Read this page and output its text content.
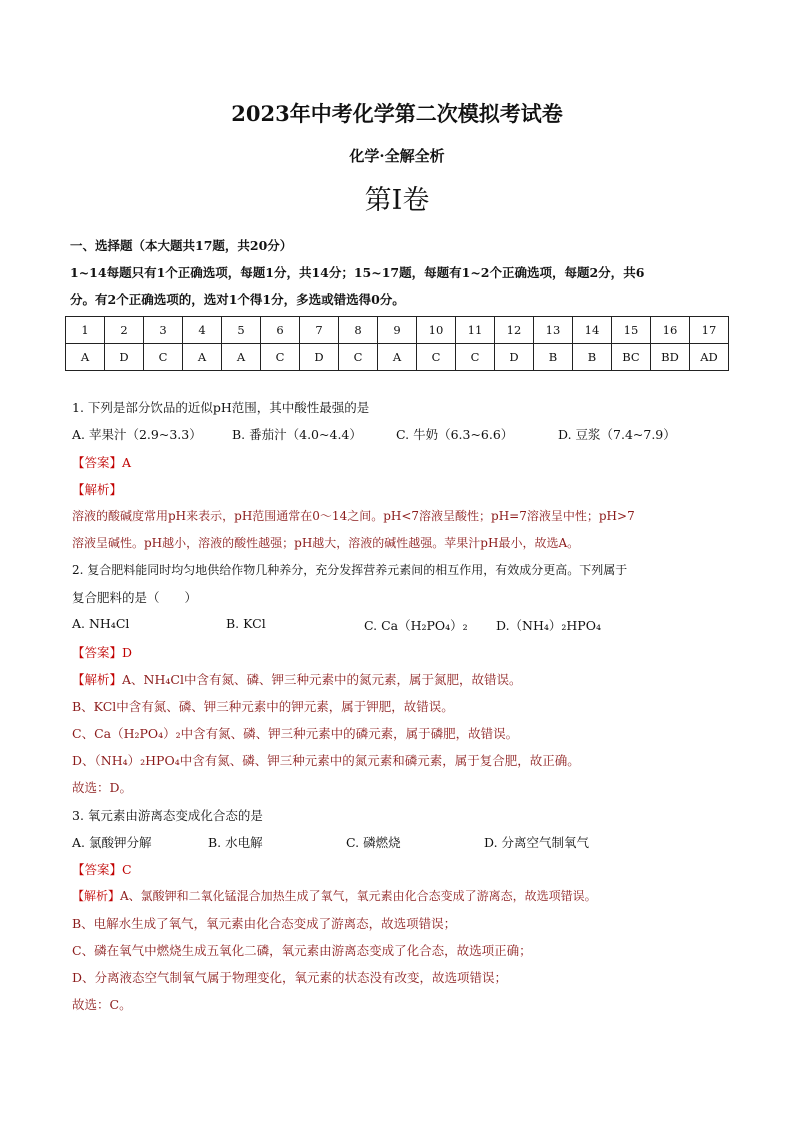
2023年中考化学第二次模拟考试卷
化学·全解全析
第Ⅰ卷
一、选择题（本大题共17题，共20分）
1~14每题只有1个正确选项，每题1分，共14分；15~17题，每题有1~2个正确选项，每题2分，共6
分。有2个正确选项的，选对1个得1分，多选或错选得0分。
1	2	3	4	5	6	7	8	9	10	11	12	13	14	15	16	17
A	D	C	A	A	C	D	C	A	C	C	D	B	B	BC	BD	AD
1. 下列是部分饮品的近似pH范围，其中酸性最强的是
A. 苹果汁（2.9~3.3） B. 番茄汁（4.0~4.4）	C. 牛奶（6.3~6.6）	D. 豆浆（7.4~7.9）
【答案】A
【解析】
溶液的酸碱度常用pH来表示，pH范围通常在0～14之间。pH<7溶液呈酸性；pH=7溶液呈中性；pH>7
溶液呈碱性。pH越小，溶液的酸性越强；pH越大，溶液的碱性越强。苹果汁pH最小，故选A。
2. 复合肥料能同时均匀地供给作物几种养分，充分发挥营养元素间的相互作用，有效成分更高。下列属于
复合肥料的是（　　）
A. NH₄Cl	B. KCl	C. Ca（H₂PO₄）₂ D.（NH₄）₂HPO₄
【答案】D
【解析】A、NH₄Cl中含有氮、磷、钾三种元素中的氮元素，属于氮肥，故错误。
B、KCl中含有氮、磷、钾三种元素中的钾元素，属于钾肥，故错误。
C、Ca（H₂PO₄）₂中含有氮、磷、钾三种元素中的磷元素，属于磷肥，故错误。
D、（NH₄）₂HPO₄中含有氮、磷、钾三种元素中的氮元素和磷元素，属于复合肥，故正确。
故选：D。
3. 氧元素由游离态变成化合态的是
A. 氯酸钾分解	B. 水电解	C. 磷燃烧	D. 分离空气制氧气
【答案】C
【解析】A、氯酸钾和二氧化锰混合加热生成了氧气，氧元素由化合态变成了游离态，故选项错误。
B、电解水生成了氧气，氧元素由化合态变成了游离态，故选项错误；
C、磷在氧气中燃烧生成五氧化二磷，氧元素由游离态变成了化合态，故选项正确；
D、分离液态空气制氧气属于物理变化，氧元素的状态没有改变，故选项错误；
故选：C。
